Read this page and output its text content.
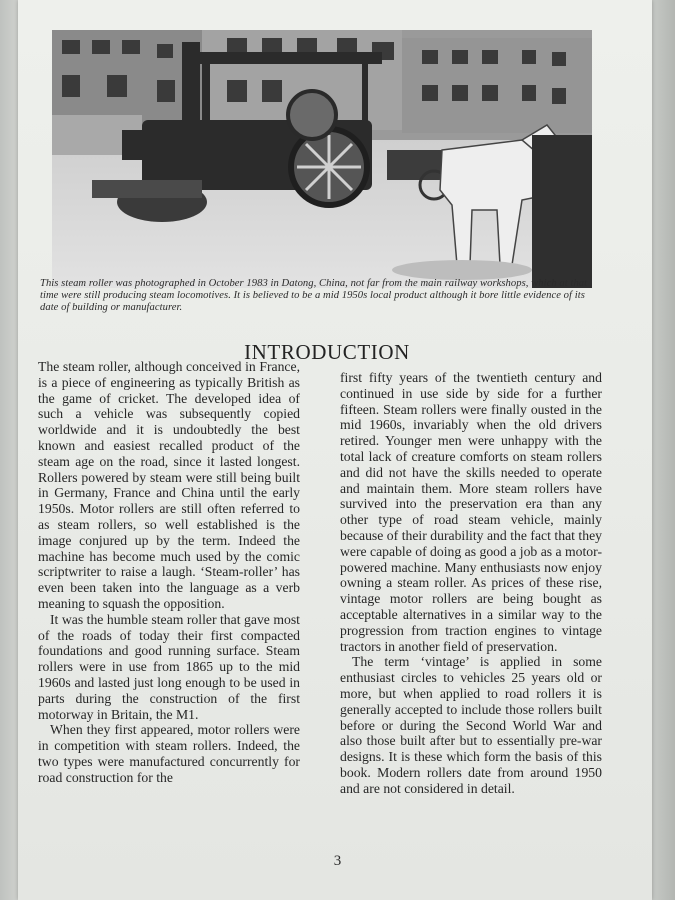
This steam roller was photographed in October 1983 in Datong, China, not far from the main railway workshops, which at that time were still producing steam locomotives. It is believed to be a mid 1950s local product although it bore little evidence of its date of building or manufacturer.
INTRODUCTION

The steam roller, although conceived in France, is a piece of engineering as typically British as the game of cricket. The developed idea of such a vehicle was subsequently copied worldwide and it is undoubtedly the best known and easiest recalled product of the steam age on the road, since it lasted longest. Rollers powered by steam were still being built in Germany, France and China until the early 1950s. Motor rollers are still often referred to as steam rollers, so well established is the image conjured up by the term. Indeed the machine has become much used by the comic scriptwriter to raise a laugh. ‘Steam-roller’ has even been taken into the language as a verb meaning to squash the opposition.

It was the humble steam roller that gave most of the roads of today their first compacted foundations and good running surface. Steam rollers were in use from 1865 up to the mid 1960s and lasted just long enough to be used in parts during the construction of the first motorway in Britain, the M1.

When they first appeared, motor rollers were in competition with steam rollers. Indeed, the two types were manufactured concurrently for road construction for the

first fifty years of the twentieth century and continued in use side by side for a further fifteen. Steam rollers were finally ousted in the mid 1960s, invariably when the old drivers retired. Younger men were unhappy with the total lack of creature comforts on steam rollers and did not have the skills needed to operate and maintain them. More steam rollers have survived into the preservation era than any other type of road steam vehicle, mainly because of their durability and the fact that they were capable of doing as good a job as a motor-powered machine. Many enthusiasts now enjoy owning a steam roller. As prices of these rise, vintage motor rollers are being bought as acceptable alternatives in a similar way to the progression from traction engines to vintage tractors in another field of preservation.

The term ‘vintage’ is applied in some enthusiast circles to vehicles 25 years old or more, but when applied to road rollers it is generally accepted to include those rollers built before or during the Second World War and also those built after but to essentially pre-war designs. It is these which form the basis of this book. Modern rollers date from around 1950 and are not considered in detail.

3
